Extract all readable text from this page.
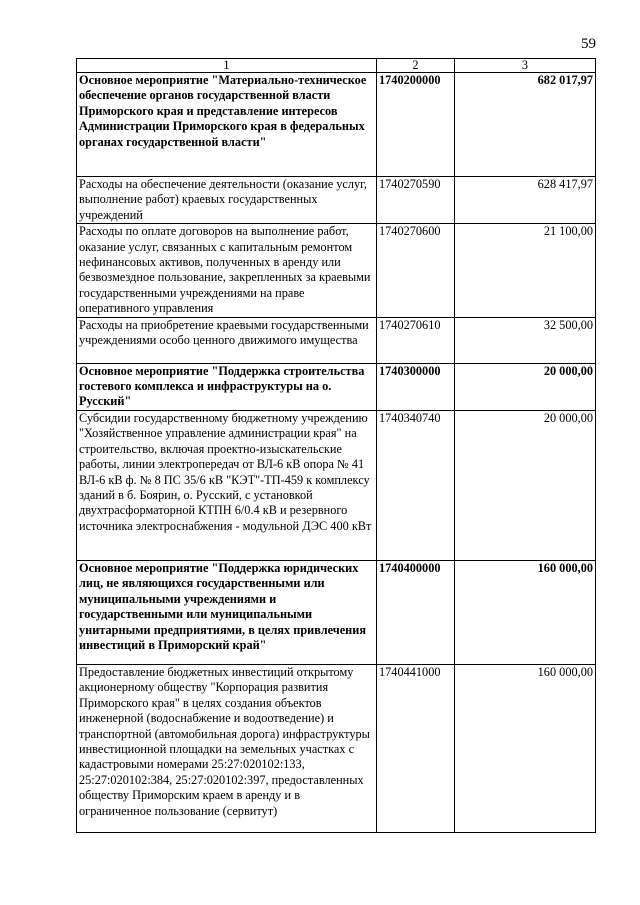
59
1	2	3
Основное мероприятие "Материально-техническое обеспечение органов государственной власти Приморского края и представление интересов Администрации Приморского края в федеральных органах государственной власти"	1740200000	682 017,97
Расходы на обеспечение деятельности (оказание услуг, выполнение работ) краевых государственных учреждений	1740270590	628 417,97
Расходы по оплате договоров на выполнение работ, оказание услуг, связанных с капитальным ремонтом нефинансовых активов, полученных в аренду или безвозмездное пользование, закрепленных за краевыми государственными учреждениями на праве оперативного управления	1740270600	21 100,00
Расходы на приобретение краевыми государственными учреждениями особо ценного движимого имущества	1740270610	32 500,00
Основное мероприятие "Поддержка строительства гостевого комплекса и инфраструктуры на о. Русский"	1740300000	20 000,00
Субсидии государственному бюджетному учреждению "Хозяйственное управление администрации края" на строительство, включая проектно-изыскательские работы, линии электропередач от ВЛ-6 кВ опора № 41 ВЛ-6 кВ ф. № 8 ПС 35/6 кВ "КЭТ"-ТП-459 к комплексу зданий в б. Боярин, о. Русский, с установкой двухтрасформаторной КТПН 6/0.4 кВ и резервного источника электроснабжения - модульной ДЭС 400 кВт	1740340740	20 000,00
Основное мероприятие "Поддержка юридических лиц, не являющихся государственными или муниципальными учреждениями и государственными или муниципальными унитарными предприятиями, в целях привлечения инвестиций в Приморский край"	1740400000	160 000,00
Предоставление бюджетных инвестиций открытому акционерному обществу "Корпорация развития Приморского края" в целях создания объектов инженерной (водоснабжение и водоотведение) и транспортной (автомобильная дорога) инфраструктуры инвестиционной площадки на земельных участках с кадастровыми номерами 25:27:020102:133, 25:27:020102:384, 25:27:020102:397, предоставленных обществу Приморским краем в аренду и в ограниченное пользование (сервитут)	1740441000	160 000,00
